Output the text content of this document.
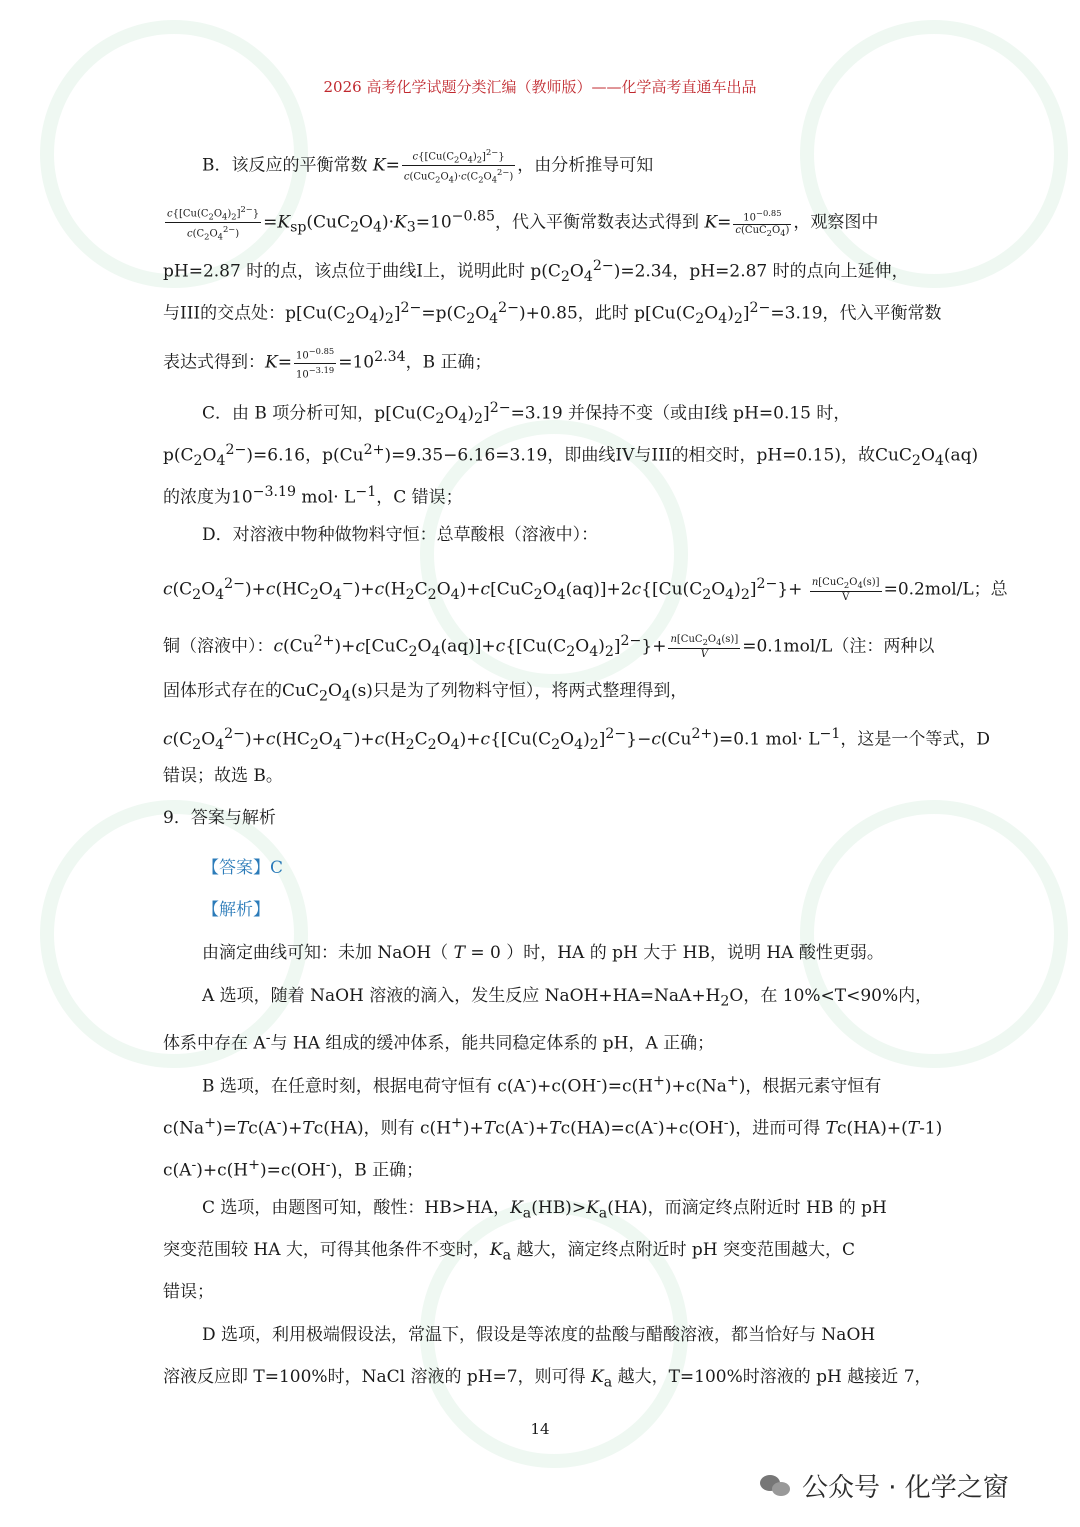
2026 高考化学试题分类汇编（教师版）——化学高考直通车出品
B．该反应的平衡常数 $K= \frac{c\{[Cu(C_2O_4)_2]^{2-}\}}{c(CuC_2O_4)\cdot c(C_2O_4^{2-})}$ ，由分析推导可知
$\frac{c\{[Cu(C_2O_4)_2]^{2-}\}}{c(C_2O_4^{2-})} =K_{sp}(CuC_2O_4)\cdot K_3=10^{-0.85}$，代入平衡常数表达式得到 $K= \frac{10^{-0.85}}{c(CuC_2O_4)}$ ，观察图中
pH=2.87 时的点，该点位于曲线I上，说明此时 $p(C_2O_4^{2-})=2.34$，pH=2.87 时的点向上延伸，
与III的交点处：$p[Cu(C_2O_4)_2]^{2-}=p(C_2O_4^{2-})+0.85$，此时 $p[Cu(C_2O_4)_2]^{2-}=3.19$，代入平衡常数
表达式得到：$K= \frac{10^{-0.85}}{10^{-3.19}} =10^{2.34}$，B 正确；
C．由 B 项分析可知，$p[Cu(C_2O_4)_2]^{2-}=3.19$ 并保持不变（或由I线 pH=0.15 时，
$p(C_2O_4^{2-})=6.16$，$p(Cu^{2+})=9.35-6.16=3.19$，即曲线IV与III的相交时，pH=0.15)，故$CuC_2O_4(aq)$
的浓度为$10^{-3.19}$ $mol\cdot L^{-1}$，C 错误；
D．对溶液中物种做物料守恒：总草酸根（溶液中）：
$c(C_2O_4^{2-})+c(HC_2O_4^-)+c(H_2C_2O_4)+c[CuC_2O_4(aq)]+2c\{[Cu(C_2O_4)_2]^{2-}\}+ \frac{n[CuC_2O_4(s)]}{V} =0.2mol/L$；总
铜（溶液中）：$c(Cu^{2+})+c[CuC_2O_4(aq)]+c\{[Cu(C_2O_4)_2]^{2-}\}+ \frac{n[CuC_2O_4(s)]}{V} =0.1mol/L$（注：两种以
固体形式存在的$CuC_2O_4(s)$只是为了列物料守恒），将两式整理得到，
$c(C_2O_4^{2-})+c(HC_2O_4^-)+c(H_2C_2O_4)+c\{[Cu(C_2O_4)_2]^{2-}\}-c(Cu^{2+})=0.1$ $mol\cdot L^{-1}$，这是一个等式，D
错误；故选 B。
9．答案与解析
【答案】C
【解析】
由滴定曲线可知：未加 NaOH（ T = 0 ）时，HA 的 pH 大于 HB，说明 HA 酸性更弱。
A 选项，随着 NaOH 溶液的滴入，发生反应 $NaOH+HA=NaA+H_2O$，在 10%<T<90%内，
体系中存在 A-与 HA 组成的缓冲体系，能共同稳定体系的 pH，A 正确；
B 选项，在任意时刻，根据电荷守恒有 c(A-)+c(OH-)=c(H+)+c(Na+)，根据元素守恒有
c(Na+)=Tc(A-)+Tc(HA)，则有 c(H+)+Tc(A-)+Tc(HA)=c(A-)+c(OH-)，进而可得 Tc(HA)+(T-1)
c(A-)+c(H+)=c(OH-)，B 正确；
C 选项，由题图可知，酸性：HB>HA，$K_a(HB)>K_a(HA)$，而滴定终点附近时 HB 的 pH
突变范围较 HA 大，可得其他条件不变时，$K_a$ 越大，滴定终点附近时 pH 突变范围越大，C
错误；
D 选项，利用极端假设法，常温下，假设是等浓度的盐酸与醋酸溶液，都当恰好与 NaOH
溶液反应即 T=100%时，NaCl 溶液的 pH=7，则可得 $K_a$ 越大，T=100%时溶液的 pH 越接近 7，
14
公众号 · 化学之窗
